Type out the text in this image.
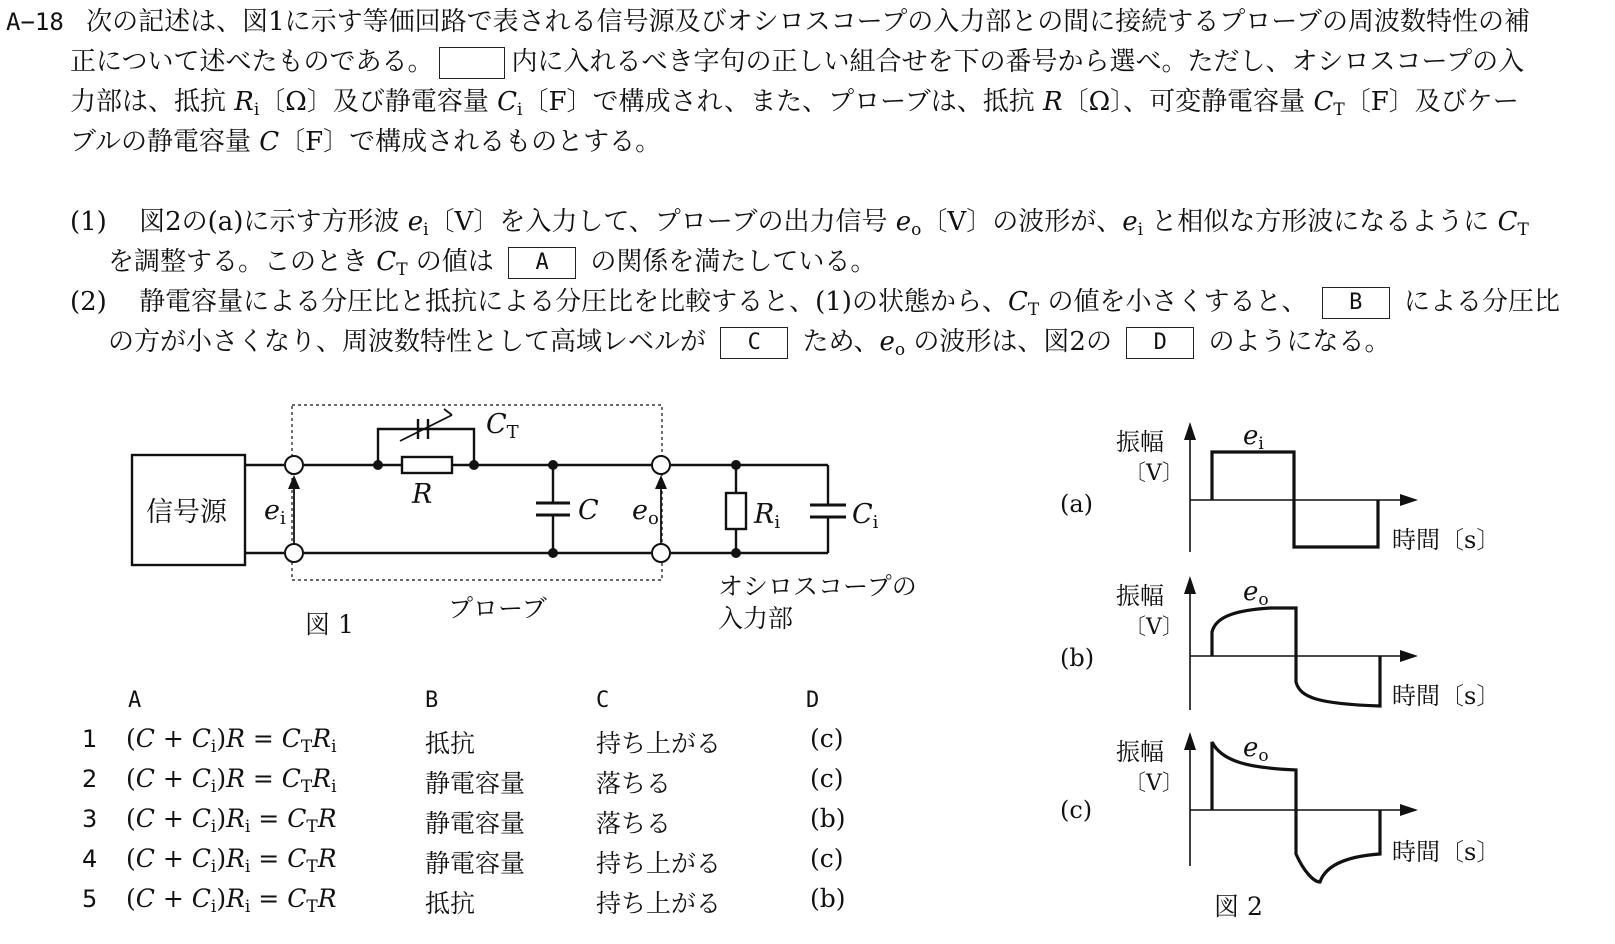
A−18 次の記述は、図1に示す等価回路で表される信号源及びオシロスコープの入力部との間に接続するプローブの周波数特性の補
正について述べたものである。	内に入れるべき字句の正しい組合せを下の番号から選べ。ただし、オシロスコープの入
力部は、抵抗 $R_i$〔Ω〕及び静電容量 $C_i$〔F〕で構成され、また、プローブは、抵抗 R〔Ω〕、可変静電容量 $C_T$〔F〕及びケー
ブルの静電容量 C〔F〕で構成されるものとする。
(1) 図2の(a)に示す方形波 $e_i$〔V〕を入力して、プローブの出力信号 $e_o$〔V〕の波形が、$e_i$ と相似な方形波になるように $C_T$
を調整する。このとき $C_T$ の値は A の関係を満たしている。
(2) 静電容量による分圧比と抵抗による分圧比を比較すると、(1)の状態から、$C_T$ の値を小さくすると、 B による分圧比
の方が小さくなり、周波数特性として高域レベルが C ため、$e_o$ の波形は、図2の D のようになる。
CT
R
C
ei	eo	Ri	Ci
信号源
プローブ
オシロスコープの
入力部
図 1
(a)
(b)
(c)
振幅
〔V〕
振幅
〔V〕
振幅
〔V〕
時間〔s〕
時間〔s〕
時間〔s〕
ei
eo
eo
図 2
A	B	C	D
1 $(C + C_i)R = C_TR_i$	抵抗	持ち上がる	(c)
2 $(C + C_i)R = C_TR_i$	静電容量	落ちる	(c)
3 $(C + C_i)R_i = C_TR$	静電容量	落ちる	(b)
4 $(C + C_i)R_i = C_TR$	静電容量	持ち上がる	(c)
5 $(C + C_i)R_i = C_TR$	抵抗	持ち上がる	(b)
